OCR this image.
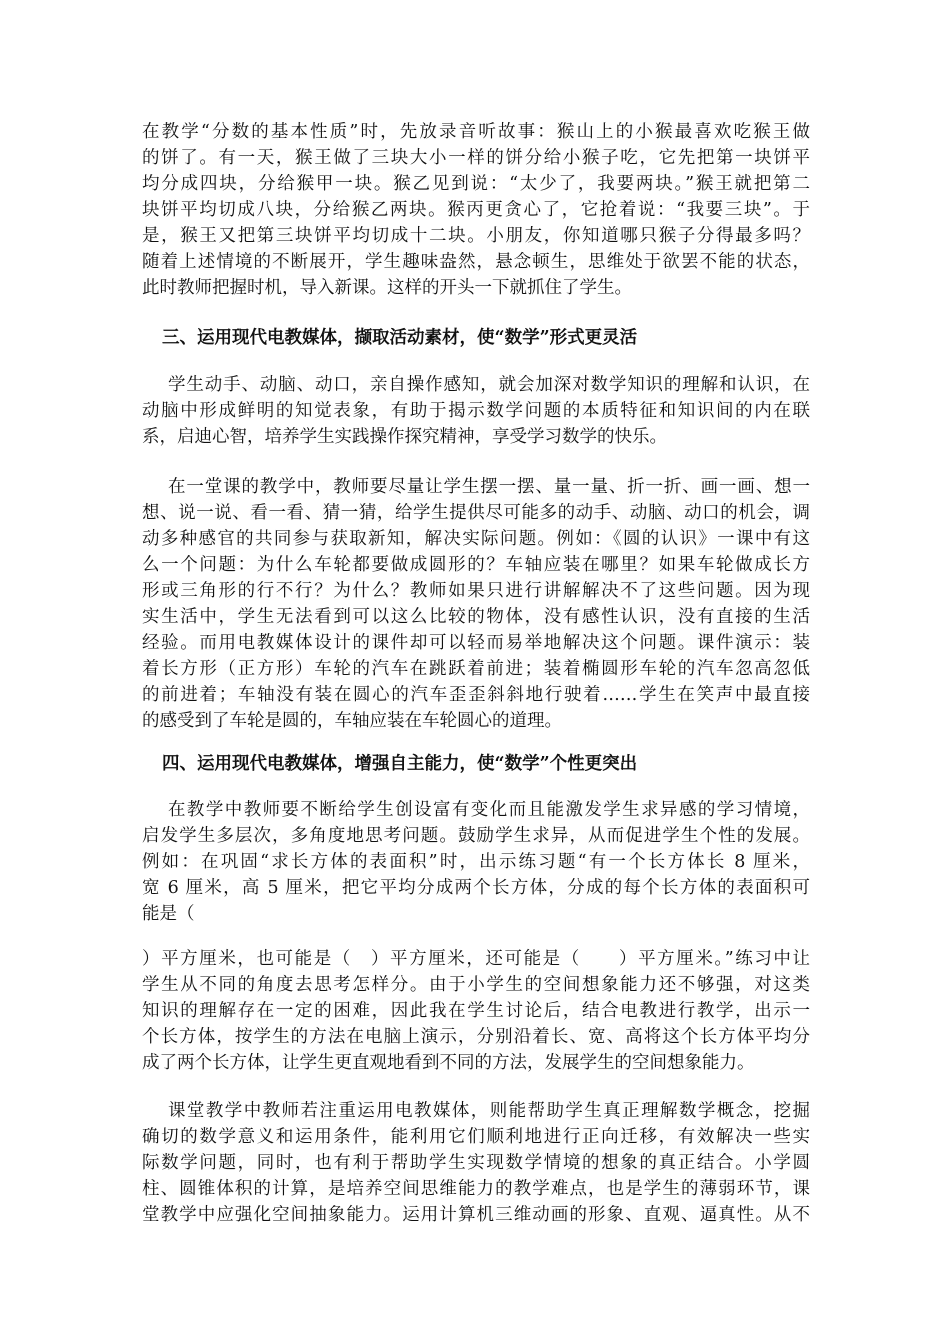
在教学“分数的基本性质”时，先放录音听故事：猴山上的小猴最喜欢吃猴王做
的饼了。有一天，猴王做了三块大小一样的饼分给小猴子吃，它先把第一块饼平
均分成四块，分给猴甲一块。猴乙见到说：“太少了，我要两块。”猴王就把第二
块饼平均切成八块，分给猴乙两块。猴丙更贪心了，它抢着说：“我要三块”。于
是，猴王又把第三块饼平均切成十二块。小朋友，你知道哪只猴子分得最多吗？
随着上述情境的不断展开，学生趣味盎然，悬念顿生，思维处于欲罢不能的状态，
此时教师把握时机，导入新课。这样的开头一下就抓住了学生。
三、运用现代电教媒体，撷取活动素材，使“数学”形式更灵活
学生动手、动脑、动口，亲自操作感知，就会加深对数学知识的理解和认识，在
动脑中形成鲜明的知觉表象，有助于揭示数学问题的本质特征和知识间的内在联
系，启迪心智，培养学生实践操作探究精神，享受学习数学的快乐。
在一堂课的教学中，教师要尽量让学生摆一摆、量一量、折一折、画一画、想一
想、说一说、看一看、猜一猜，给学生提供尽可能多的动手、动脑、动口的机会，调
动多种感官的共同参与获取新知，解决实际问题。例如：《圆的认识》一课中有这
么一个问题：为什么车轮都要做成圆形的？车轴应装在哪里？如果车轮做成长方
形或三角形的行不行？为什么？教师如果只进行讲解解决不了这些问题。因为现
实生活中，学生无法看到可以这么比较的物体，没有感性认识，没有直接的生活
经验。而用电教媒体设计的课件却可以轻而易举地解决这个问题。课件演示：装
着长方形（正方形）车轮的汽车在跳跃着前进；装着椭圆形车轮的汽车忽高忽低
的前进着；车轴没有装在圆心的汽车歪歪斜斜地行驶着……学生在笑声中最直接
的感受到了车轮是圆的，车轴应装在车轮圆心的道理。
四、运用现代电教媒体，增强自主能力，使“数学”个性更突出
在教学中教师要不断给学生创设富有变化而且能激发学生求异感的学习情境，
启发学生多层次，多角度地思考问题。鼓励学生求异，从而促进学生个性的发展。
例如：在巩固“求长方体的表面积”时，出示练习题“有一个长方体长 8 厘米，
宽 6 厘米，高 5 厘米，把它平均分成两个长方体，分成的每个长方体的表面积可
能是（
）平方厘米，也可能是（　）平方厘米，还可能是（　　）平方厘米。”练习中让
学生从不同的角度去思考怎样分。由于小学生的空间想象能力还不够强，对这类
知识的理解存在一定的困难，因此我在学生讨论后，结合电教进行教学，出示一
个长方体，按学生的方法在电脑上演示，分别沿着长、宽、高将这个长方体平均分
成了两个长方体，让学生更直观地看到不同的方法，发展学生的空间想象能力。
课堂教学中教师若注重运用电教媒体，则能帮助学生真正理解数学概念，挖掘
确切的数学意义和运用条件，能利用它们顺利地进行正向迁移，有效解决一些实
际数学问题，同时，也有利于帮助学生实现数学情境的想象的真正结合。小学圆
柱、圆锥体积的计算，是培养空间思维能力的教学难点，也是学生的薄弱环节，课
堂教学中应强化空间抽象能力。运用计算机三维动画的形象、直观、逼真性。从不
